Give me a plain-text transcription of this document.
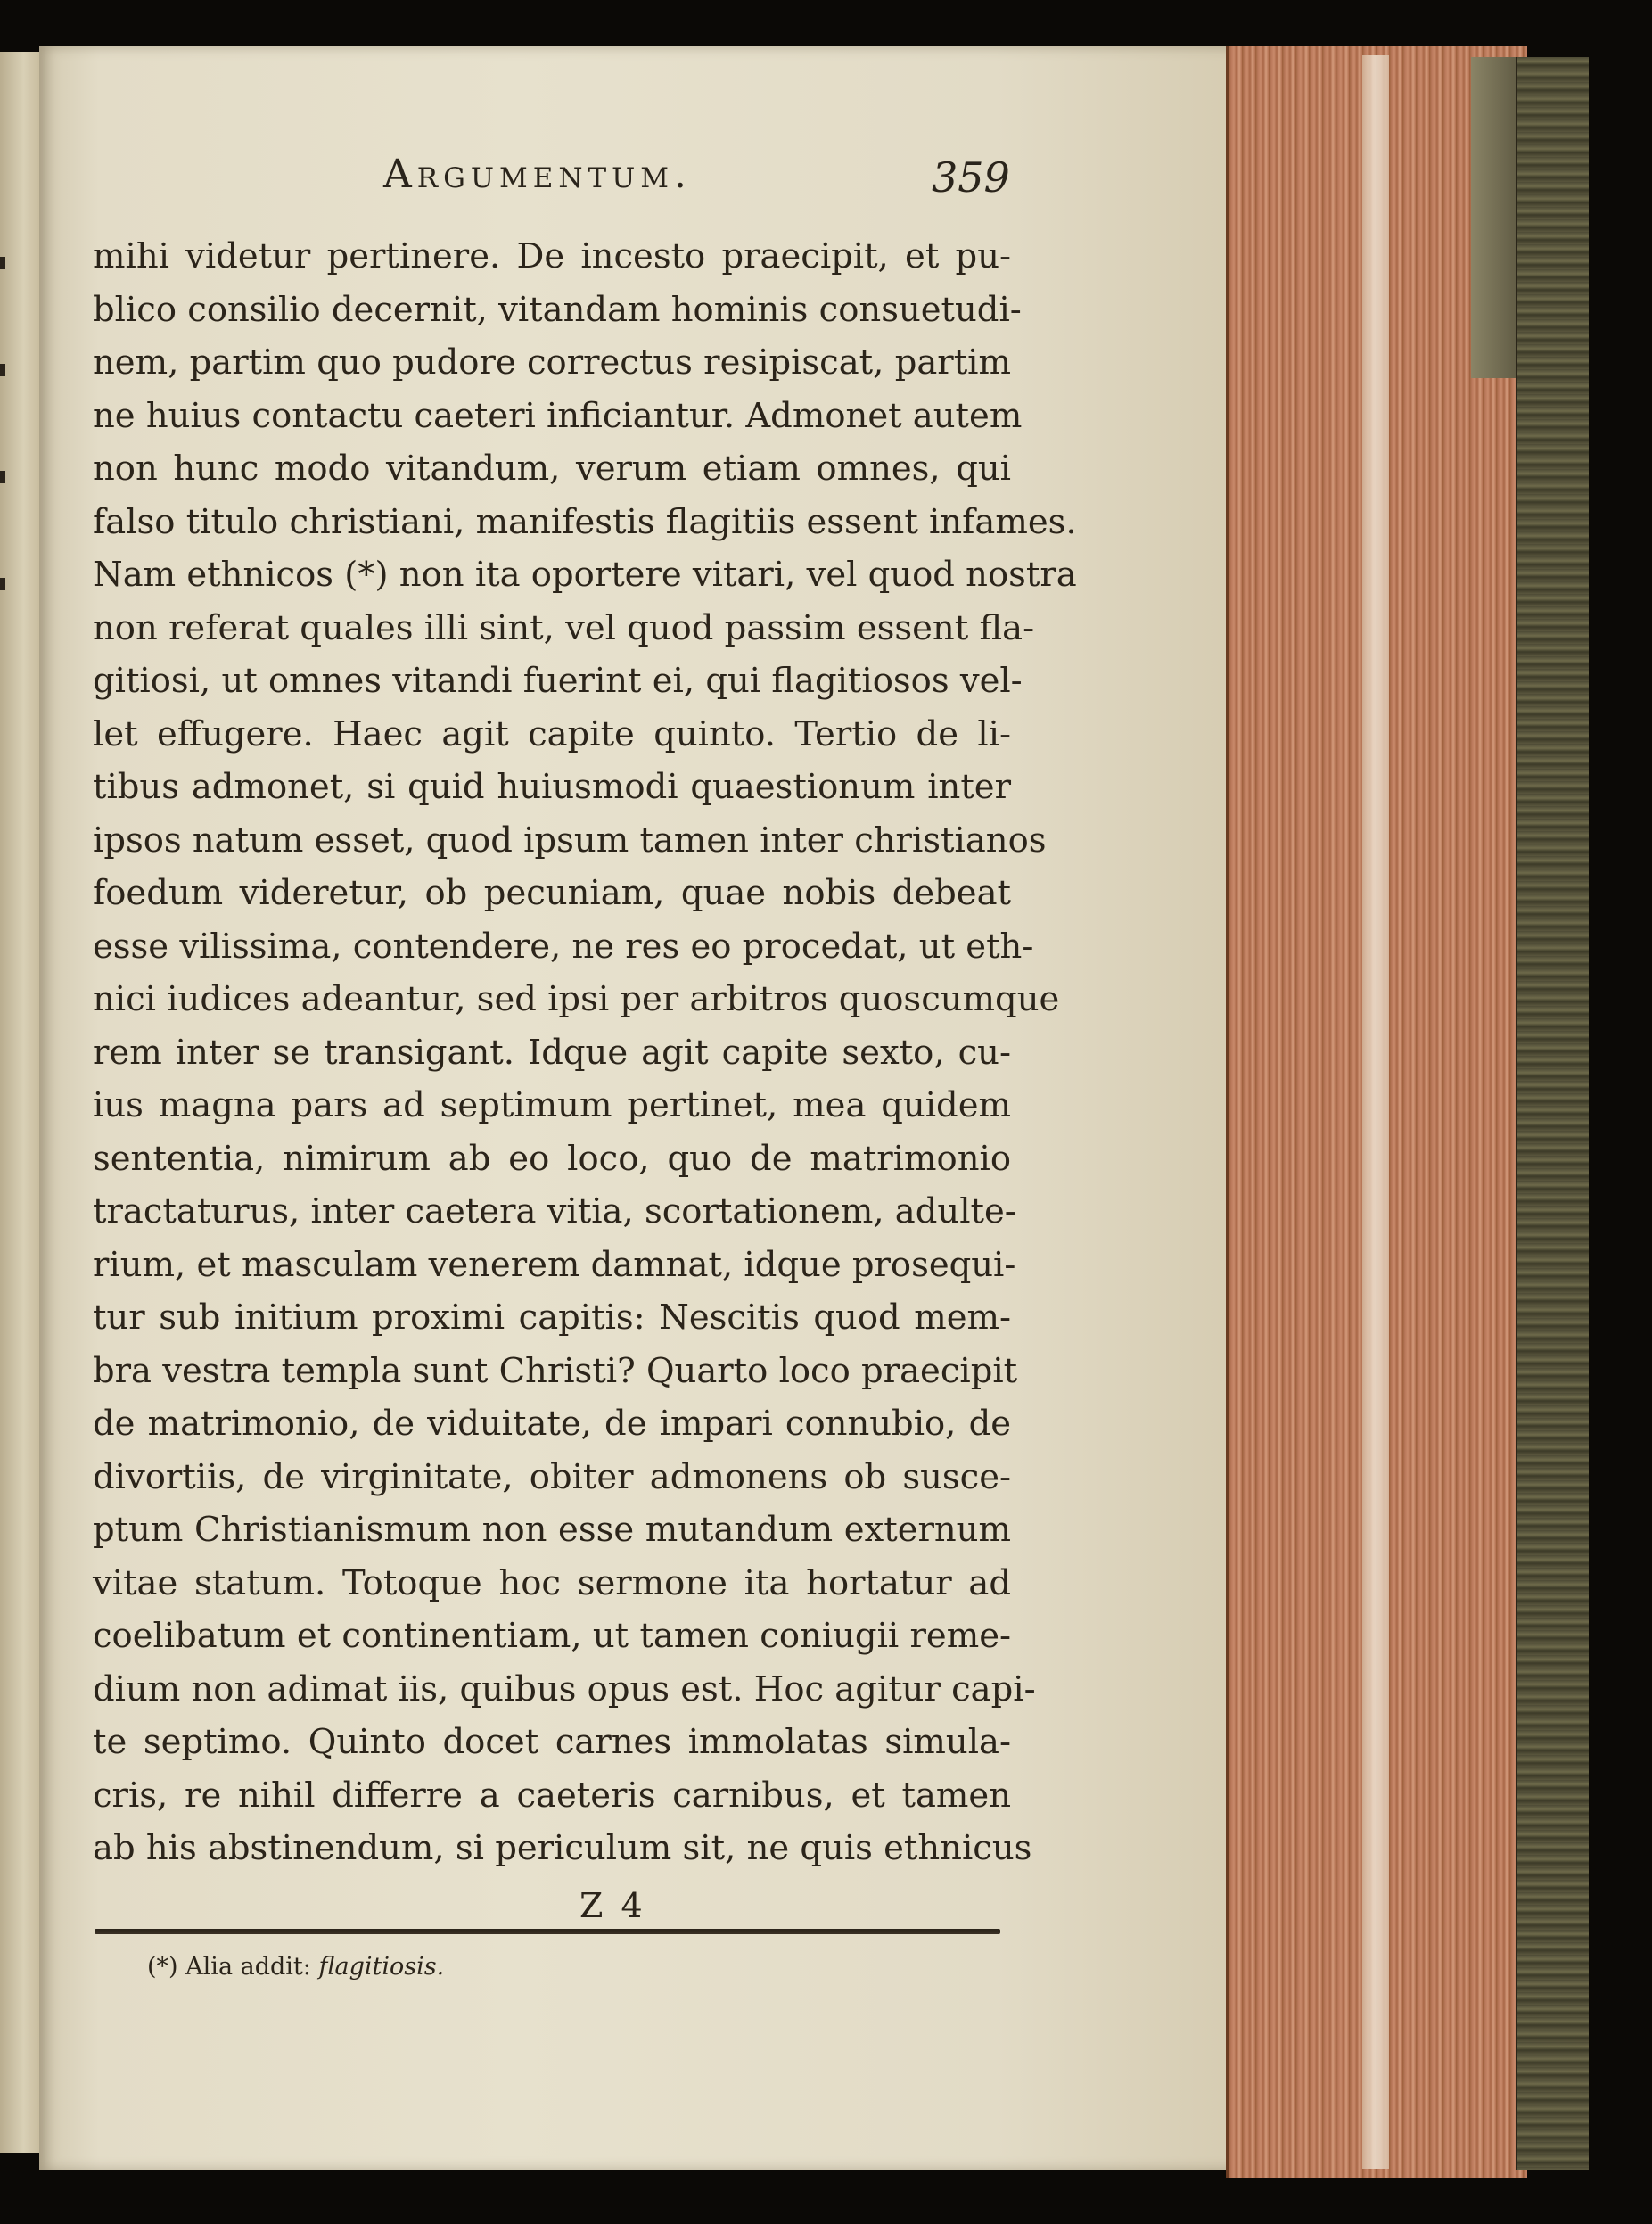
Argumentum.	359
mihi videtur pertinere. De incesto praecipit, et pu-
blico consilio decernit, vitandam hominis consuetudi-
nem, partim quo pudore correctus resipiscat, partim
ne huius contactu caeteri inficiantur. Admonet autem
non hunc modo vitandum, verum etiam omnes, qui
falso titulo christiani, manifestis flagitiis essent infames.
Nam ethnicos (*) non ita oportere vitari, vel quod nostra
non referat quales illi sint, vel quod passim essent fla-
gitiosi, ut omnes vitandi fuerint ei, qui flagitiosos vel-
let effugere. Haec agit capite quinto. Tertio de li-
tibus admonet, si quid huiusmodi quaestionum inter
ipsos natum esset, quod ipsum tamen inter christianos
foedum videretur, ob pecuniam, quae nobis debeat
esse vilissima, contendere, ne res eo procedat, ut eth-
nici iudices adeantur, sed ipsi per arbitros quoscumque
rem inter se transigant. Idque agit capite sexto, cu-
ius magna pars ad septimum pertinet, mea quidem
sententia, nimirum ab eo loco, quo de matrimonio
tractaturus, inter caetera vitia, scortationem, adulte-
rium, et masculam venerem damnat, idque prosequi-
tur sub initium proximi capitis: Nescitis quod mem-
bra vestra templa sunt Christi? Quarto loco praecipit
de matrimonio, de viduitate, de impari connubio, de
divortiis, de virginitate, obiter admonens ob susce-
ptum Christianismum non esse mutandum externum
vitae statum. Totoque hoc sermone ita hortatur ad
coelibatum et continentiam, ut tamen coniugii reme-
dium non adimat iis, quibus opus est. Hoc agitur capi-
te septimo. Quinto docet carnes immolatas simula-
cris, re nihil differre a caeteris carnibus, et tamen
ab his abstinendum, si periculum sit, ne quis ethnicus
Z 4
(*) Alia addit: flagitiosis.
